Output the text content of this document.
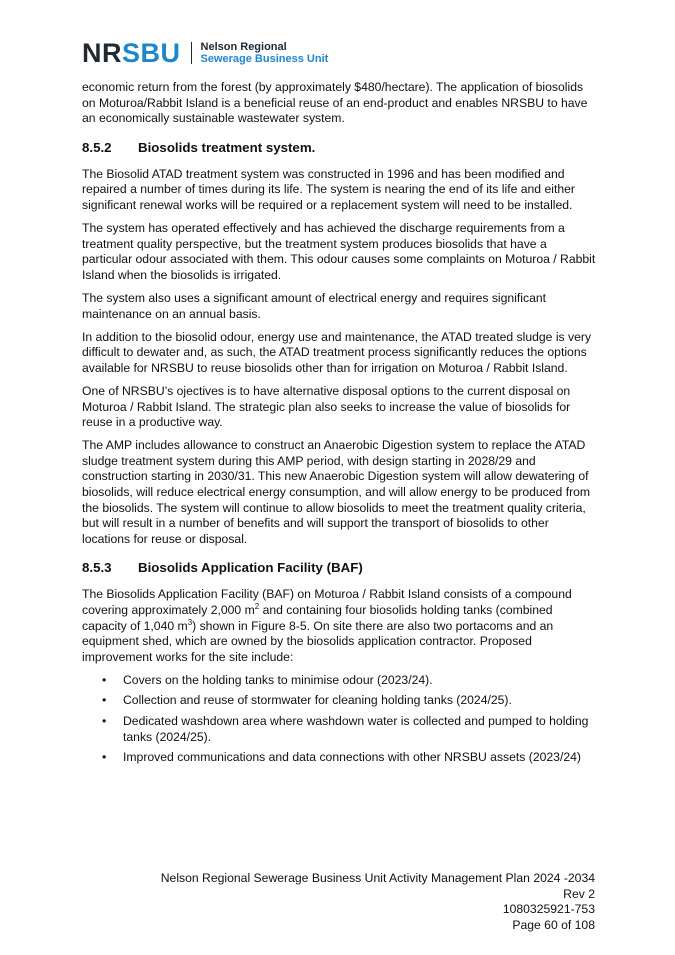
NRSBU Nelson Regional
Sewerage Business Unit

economic return from the forest (by approximately $480/hectare). The application of biosolids on Moturoa/Rabbit Island is a beneficial reuse of an end-product and enables NRSBU to have an economically sustainable wastewater system.

8.5.2	Biosolids treatment system.

The Biosolid ATAD treatment system was constructed in 1996 and has been modified and repaired a number of times during its life. The system is nearing the end of its life and either significant renewal works will be required or a replacement system will need to be installed.

The system has operated effectively and has achieved the discharge requirements from a treatment quality perspective, but the treatment system produces biosolids that have a particular odour associated with them. This odour causes some complaints on Moturoa / Rabbit Island when the biosolids is irrigated.

The system also uses a significant amount of electrical energy and requires significant maintenance on an annual basis.

In addition to the biosolid odour, energy use and maintenance, the ATAD treated sludge is very difficult to dewater and, as such, the ATAD treatment process significantly reduces the options available for NRSBU to reuse biosolids other than for irrigation on Moturoa / Rabbit Island.

One of NRSBU’s ojectives is to have alternative disposal options to the current disposal on Moturoa / Rabbit Island. The strategic plan also seeks to increase the value of biosolids for reuse in a productive way.

The AMP includes allowance to construct an Anaerobic Digestion system to replace the ATAD sludge treatment system during this AMP period, with design starting in 2028/29 and construction starting in 2030/31. This new Anaerobic Digestion system will allow dewatering of biosolids, will reduce electrical energy consumption, and will allow energy to be produced from the biosolids. The system will continue to allow biosolids to meet the treatment quality criteria, but will result in a number of benefits and will support the transport of biosolids to other locations for reuse or disposal.

8.5.3	Biosolids Application Facility (BAF)

The Biosolids Application Facility (BAF) on Moturoa / Rabbit Island consists of a compound covering approximately 2,000 $m^2$ and containing four biosolids holding tanks (combined capacity of 1,040 $m^3$) shown in Figure 8-5. On site there are also two portacoms and an equipment shed, which are owned by the biosolids application contractor. Proposed improvement works for the site include:

• Covers on the holding tanks to minimise odour (2023/24).
• Collection and reuse of stormwater for cleaning holding tanks (2024/25).
• Dedicated washdown area where washdown water is collected and pumped to holding tanks (2024/25).
• Improved communications and data connections with other NRSBU assets (2023/24)
Nelson Regional Sewerage Business Unit Activity Management Plan 2024 -2034
Rev 2
1080325921-753
Page 60 of 108
